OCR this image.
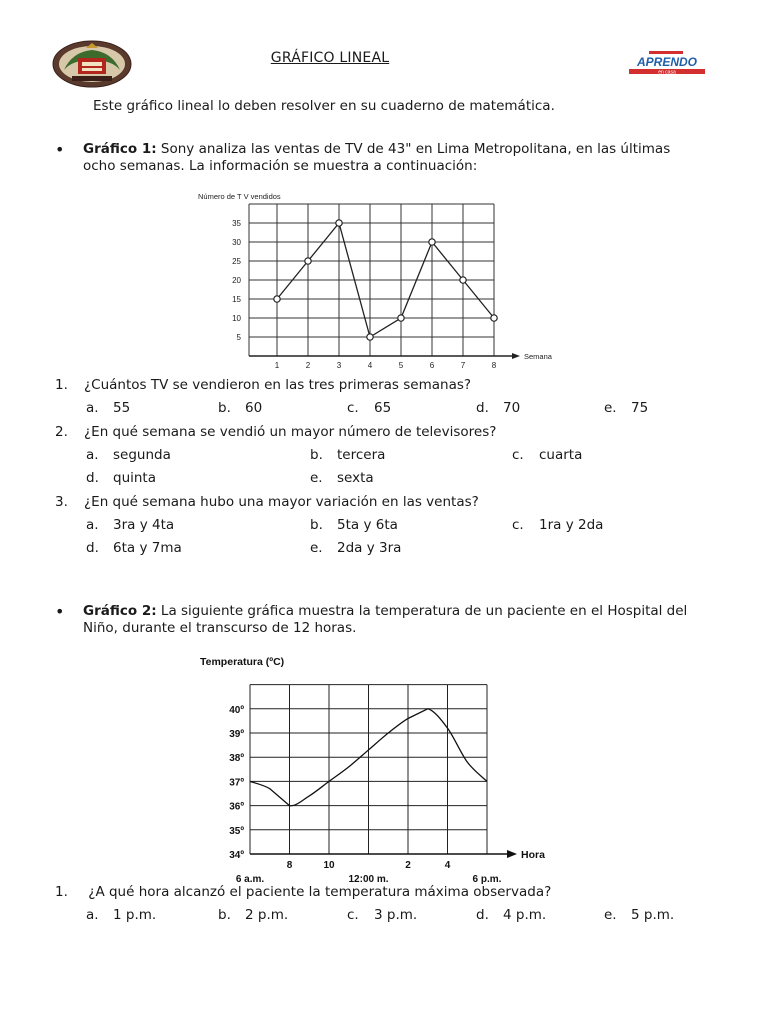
GRÁFICO LINEAL	APRENDO
en casa
Este gráfico lineal lo deben resolver en su cuaderno de matemática.
• Gráfico 1: Sony analiza las ventas de TV de 43" en Lima Metropolitana, en las últimas
ocho semanas. La información se muestra a continuación:
Número de T V vendidos
Semana
5
10
15
20
25
30
35
1	2	3	4	5	6	7	8
1. ¿Cuántos TV se vendieron en las tres primeras semanas?
a. 55	b. 60	c. 65	d. 70	e. 75
2. ¿En qué semana se vendió un mayor número de televisores?
a. segunda	b. tercera	c. cuarta
d. quinta	e. sexta
3. ¿En qué semana hubo una mayor variación en las ventas?
a. 3ra y 4ta	b. 5ta y 6ta	c. 1ra y 2da
d. 6ta y 7ma	e. 2da y 3ra
• Gráfico 2: La siguiente gráfica muestra la temperatura de un paciente en el Hospital del
Niño, durante el transcurso de 12 horas.
Temperatura (ºC)
Hora
34º
35º
36º
37º
38º
39º
40º
8	10	2	4
6 a.m.	12:00 m.	6 p.m.
1. ¿A qué hora alcanzó el paciente la temperatura máxima observada?
a. 1 p.m.	b. 2 p.m.	c. 3 p.m.	d. 4 p.m.	e. 5 p.m.
